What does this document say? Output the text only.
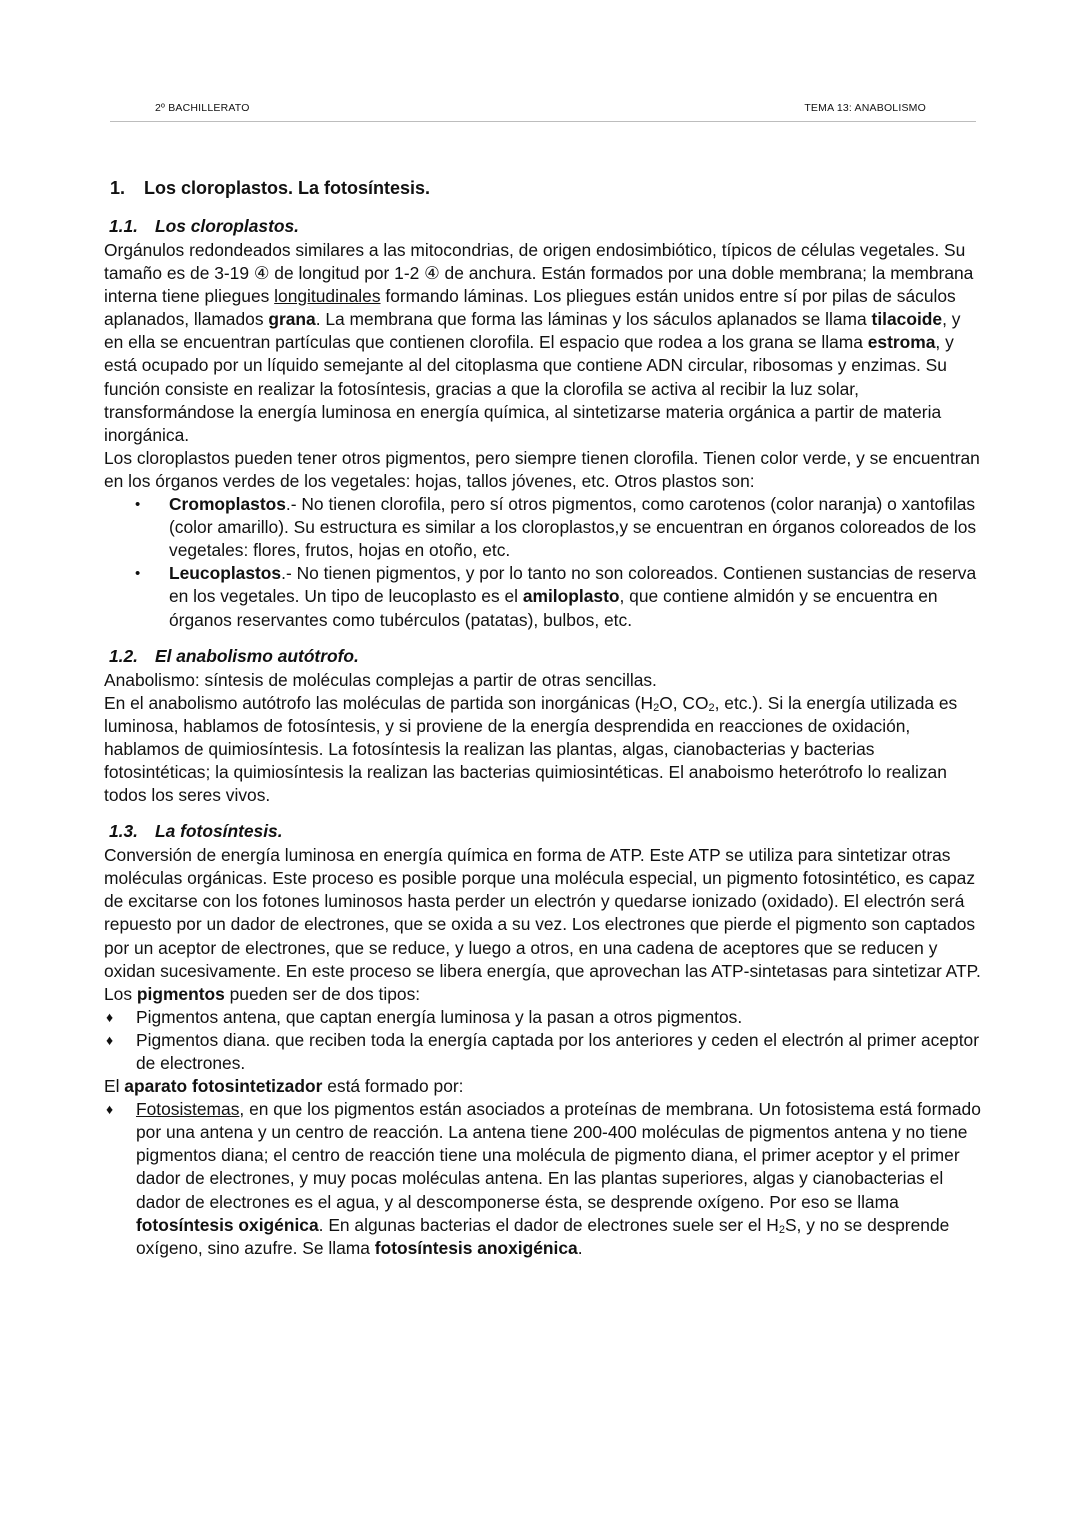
2º BACHILLERATO	TEMA 13: ANABOLISMO
1. Los cloroplastos. La fotosíntesis.
1.1. Los cloroplastos.

Orgánulos redondeados similares a las mitocondrias, de origen endosimbiótico, típicos de células vegetales. Su tamaño es de 3-19 ④ de longitud por 1-2 ④ de anchura. Están formados por una doble membrana; la membrana interna tiene pliegues longitudinales formando láminas. Los pliegues están unidos entre sí por pilas de sáculos aplanados, llamados grana. La membrana que forma las láminas y los sáculos aplanados se llama tilacoide, y en ella se encuentran partículas que contienen clorofila. El espacio que rodea a los grana se llama estroma, y está ocupado por un líquido semejante al del citoplasma que contiene ADN circular, ribosomas y enzimas. Su función consiste en realizar la fotosíntesis, gracias a que la clorofila se activa al recibir la luz solar, transformándose la energía luminosa en energía química, al sintetizarse materia orgánica a partir de materia inorgánica.

Los cloroplastos pueden tener otros pigmentos, pero siempre tienen clorofila. Tienen color verde, y se encuentran en los órganos verdes de los vegetales: hojas, tallos jóvenes, etc. Otros plastos son:

• Cromoplastos.- No tienen clorofila, pero sí otros pigmentos, como carotenos (color naranja) o xantofilas (color amarillo). Su estructura es similar a los cloroplastos,y se encuentran en órganos coloreados de los vegetales: flores, frutos, hojas en otoño, etc.
• Leucoplastos.- No tienen pigmentos, y por lo tanto no son coloreados. Contienen sustancias de reserva en los vegetales. Un tipo de leucoplasto es el amiloplasto, que contiene almidón y se encuentra en órganos reservantes como tubérculos (patatas), bulbos, etc.
1.2. El anabolismo autótrofo.

Anabolismo: síntesis de moléculas complejas a partir de otras sencillas.

En el anabolismo autótrofo las moléculas de partida son inorgánicas ($H_2O$, $CO_2$, etc.). Si la energía utilizada es luminosa, hablamos de fotosíntesis, y si proviene de la energía desprendida en reacciones de oxidación, hablamos de quimiosíntesis. La fotosíntesis la realizan las plantas, algas, cianobacterias y bacterias fotosintéticas; la quimiosíntesis la realizan las bacterias quimiosintéticas. El anaboismo heterótrofo lo realizan todos los seres vivos.

1.3. La fotosíntesis.

Conversión de energía luminosa en energía química en forma de ATP. Este ATP se utiliza para sintetizar otras moléculas orgánicas. Este proceso es posible porque una molécula especial, un pigmento fotosintético, es capaz de excitarse con los fotones luminosos hasta perder un electrón y quedarse ionizado (oxidado). El electrón será repuesto por un dador de electrones, que se oxida a su vez. Los electrones que pierde el pigmento son captados por un aceptor de electrones, que se reduce, y luego a otros, en una cadena de aceptores que se reducen y oxidan sucesivamente. En este proceso se libera energía, que aprovechan las ATP-sintetasas para sintetizar ATP.

Los pigmentos pueden ser de dos tipos:

♦ Pigmentos antena, que captan energía luminosa y la pasan a otros pigmentos.
♦ Pigmentos diana. que reciben toda la energía captada por los anteriores y ceden el electrón al primer aceptor de electrones.

El aparato fotosintetizador está formado por:

♦ Fotosistemas, en que los pigmentos están asociados a proteínas de membrana. Un fotosistema está formado por una antena y un centro de reacción. La antena tiene 200-400 moléculas de pigmentos antena y no tiene pigmentos diana; el centro de reacción tiene una molécula de pigmento diana, el primer aceptor y el primer dador de electrones, y muy pocas moléculas antena. En las plantas superiores, algas y cianobacterias el dador de electrones es el agua, y al descomponerse ésta, se desprende oxígeno. Por eso se llama fotosíntesis oxigénica. En algunas bacterias el dador de electrones suele ser el $H_2S$, y no se desprende oxígeno, sino azufre. Se llama fotosíntesis anoxigénica.
